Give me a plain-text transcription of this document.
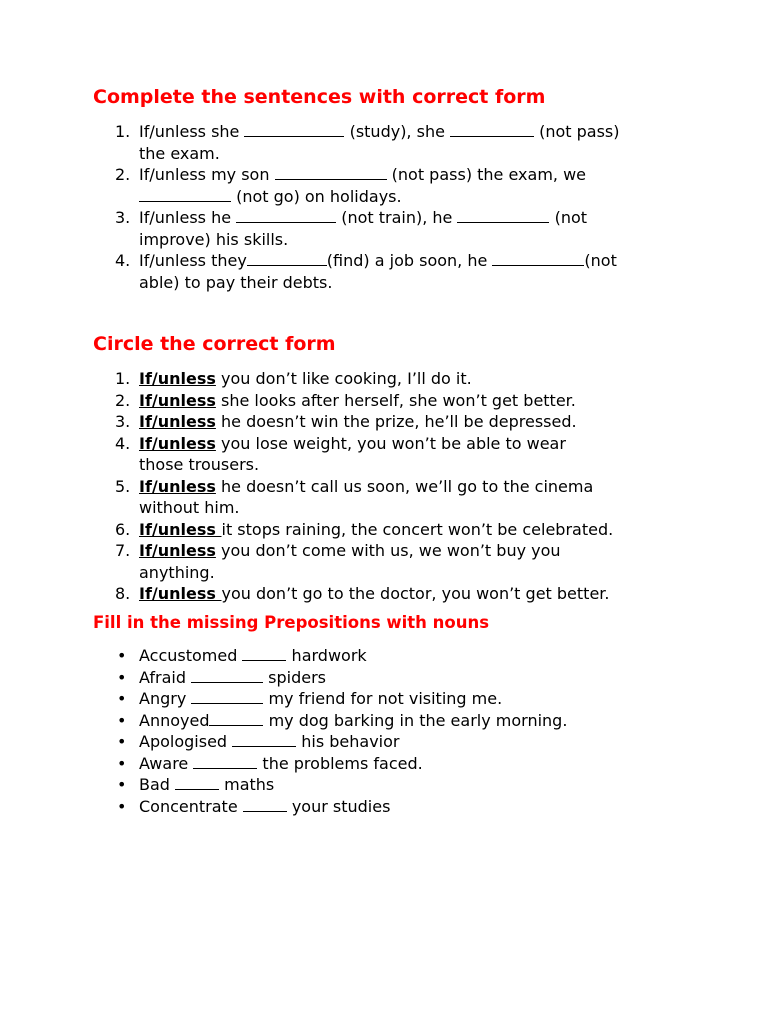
Complete the sentences with correct form
1. If/unless she	(study), she	(not pass)
the exam.
2. If/unless my son	(not pass) the exam, we
(not go) on holidays.
3. If/unless he	(not train), he	(not
improve) his skills.
4. If/unless they	(find) a job soon, he	(not
able) to pay their debts.
Circle the correct form
1. If/unless you don’t like cooking, I’ll do it.
2. If/unless she looks after herself, she won’t get better.
3. If/unless he doesn’t win the prize, he’ll be depressed.
4. If/unless you lose weight, you won’t be able to wear
those trousers.
5. If/unless he doesn’t call us soon, we’ll go to the cinema
without him.
6. If/unless it stops raining, the concert won’t be celebrated.
7. If/unless you don’t come with us, we won’t buy you
anything.
8. If/unless you don’t go to the doctor, you won’t get better.
Fill in the missing Prepositions with nouns
• Accustomed	hardwork
• Afraid	spiders
• Angry	my friend for not visiting me.
• Annoyed	my dog barking in the early morning.
• Apologised	his behavior
• Aware	the problems faced.
• Bad	maths
• Concentrate	your studies
